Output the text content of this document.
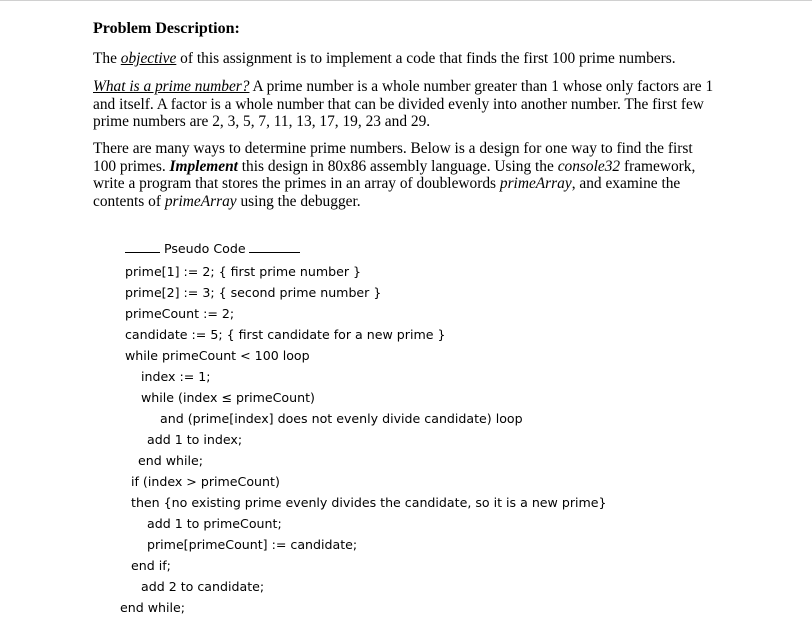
Problem Description:
The objective of this assignment is to implement a code that finds the first 100 prime numbers.
What is a prime number? A prime number is a whole number greater than 1 whose only factors are 1 and itself. A factor is a whole number that can be divided evenly into another number. The first few prime numbers are 2, 3, 5, 7, 11, 13, 17, 19, 23 and 29.
There are many ways to determine prime numbers. Below is a design for one way to find the first 100 primes. Implement this design in 80x86 assembly language. Using the console32 framework, write a program that stores the primes in an array of doublewords primeArray, and examine the contents of primeArray using the debugger.
Pseudo Code
prime[1] := 2; { first prime number }
prime[2] := 3; { second prime number }
primeCount := 2;
candidate := 5; { first candidate for a new prime }
while primeCount < 100 loop
index := 1;
while (index ≤ primeCount)
and (prime[index] does not evenly divide candidate) loop
add 1 to index;
end while;
if (index > primeCount)
then {no existing prime evenly divides the candidate, so it is a new prime}
add 1 to primeCount;
prime[primeCount] := candidate;
end if;
add 2 to candidate;
end while;
